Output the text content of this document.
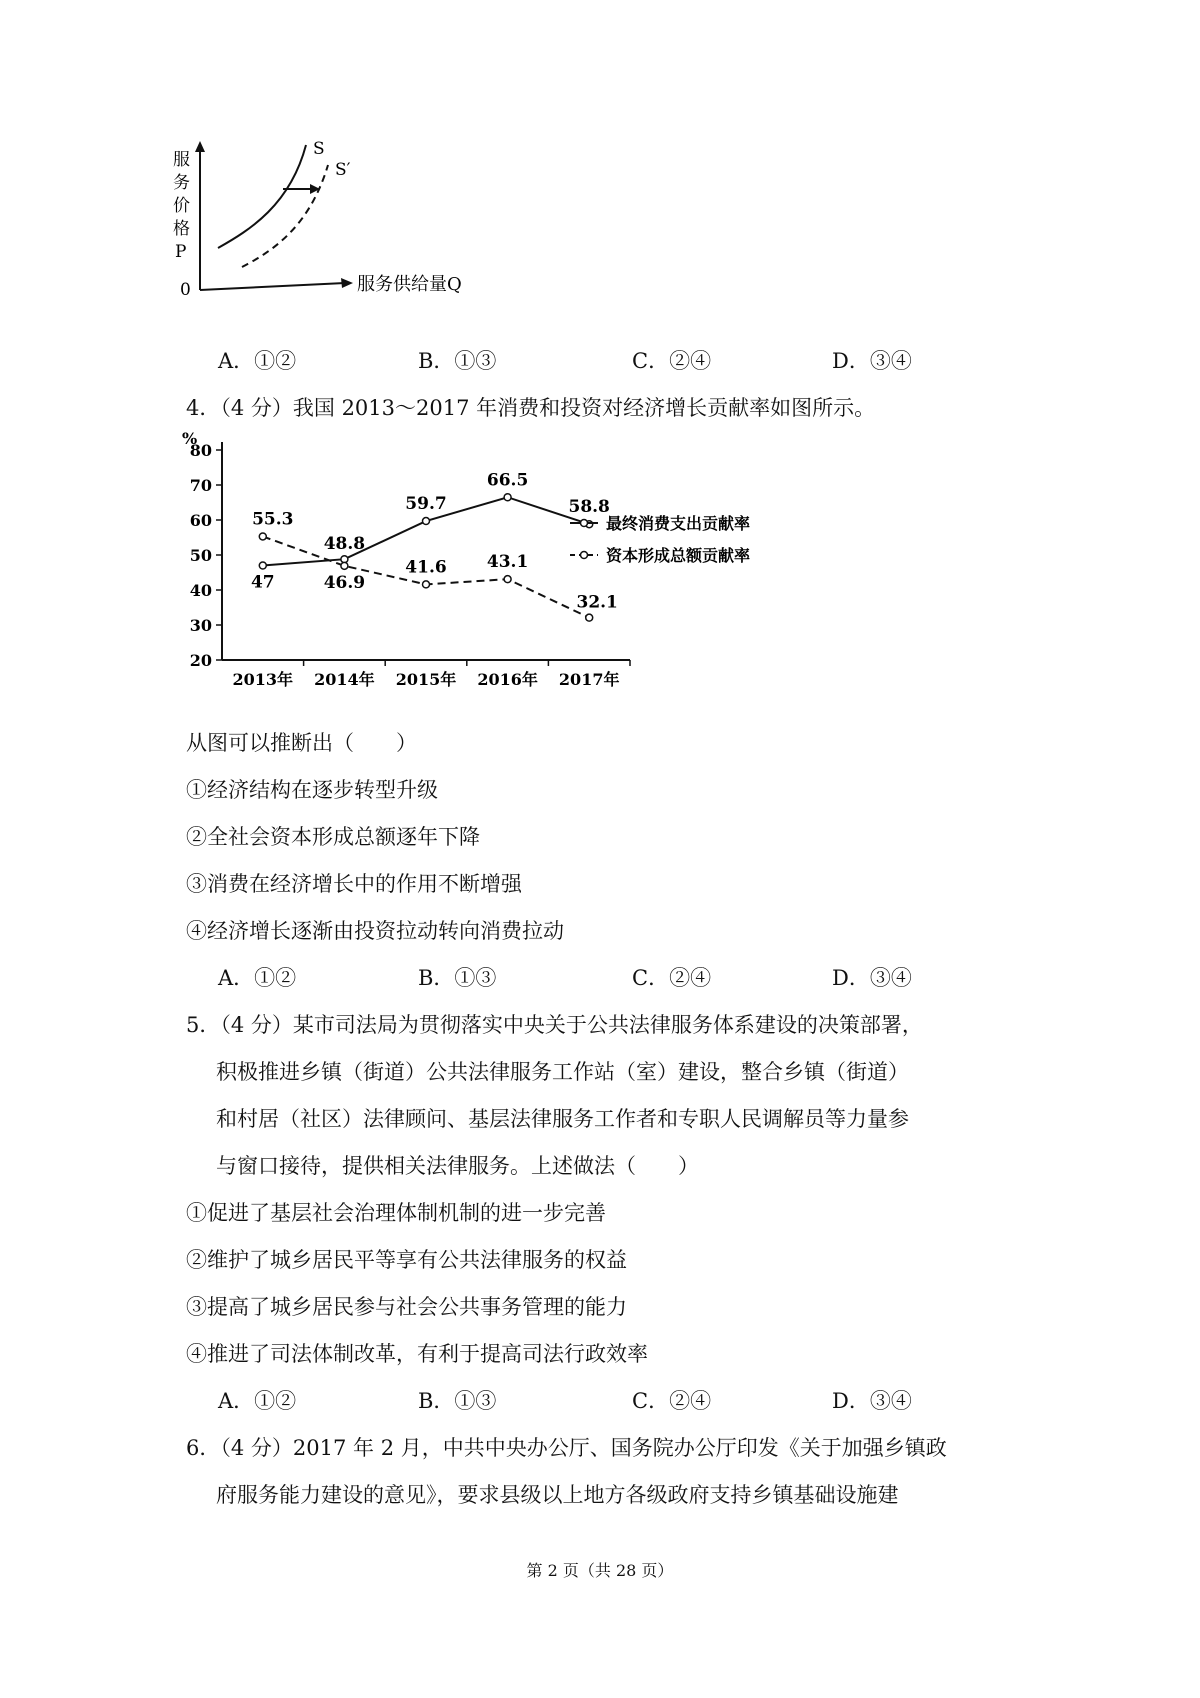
服
务
价
格
P
0	服务供给量Q
S
S′
A．①②	B．①③	C．②④	D．③④
4．（4 分）我国 2013～2017 年消费和投资对经济增长贡献率如图所示。
%
20
30
40
50
60
70
80
2013年 2014年 2015年 2016年 2017年
47
48.8
59.7
66.5
58.8
55.3
46.9
41.6 43.1
32.1
最终消费支出贡献率
资本形成总额贡献率
从图可以推断出（　　）
①经济结构在逐步转型升级
②全社会资本形成总额逐年下降
③消费在经济增长中的作用不断增强
④经济增长逐渐由投资拉动转向消费拉动
A．①②	B．①③	C．②④	D．③④
5．（4 分）某市司法局为贯彻落实中央关于公共法律服务体系建设的决策部署，
积极推进乡镇（街道）公共法律服务工作站（室）建设，整合乡镇（街道）
和村居（社区）法律顾问、基层法律服务工作者和专职人民调解员等力量参
与窗口接待，提供相关法律服务。上述做法（　　）
①促进了基层社会治理体制机制的进一步完善
②维护了城乡居民平等享有公共法律服务的权益
③提高了城乡居民参与社会公共事务管理的能力
④推进了司法体制改革，有利于提高司法行政效率
A．①②	B．①③	C．②④	D．③④
6．（4 分）2017 年 2 月，中共中央办公厅、国务院办公厅印发《关于加强乡镇政
府服务能力建设的意见》，要求县级以上地方各级政府支持乡镇基础设施建
第 2 页（共 28 页）
